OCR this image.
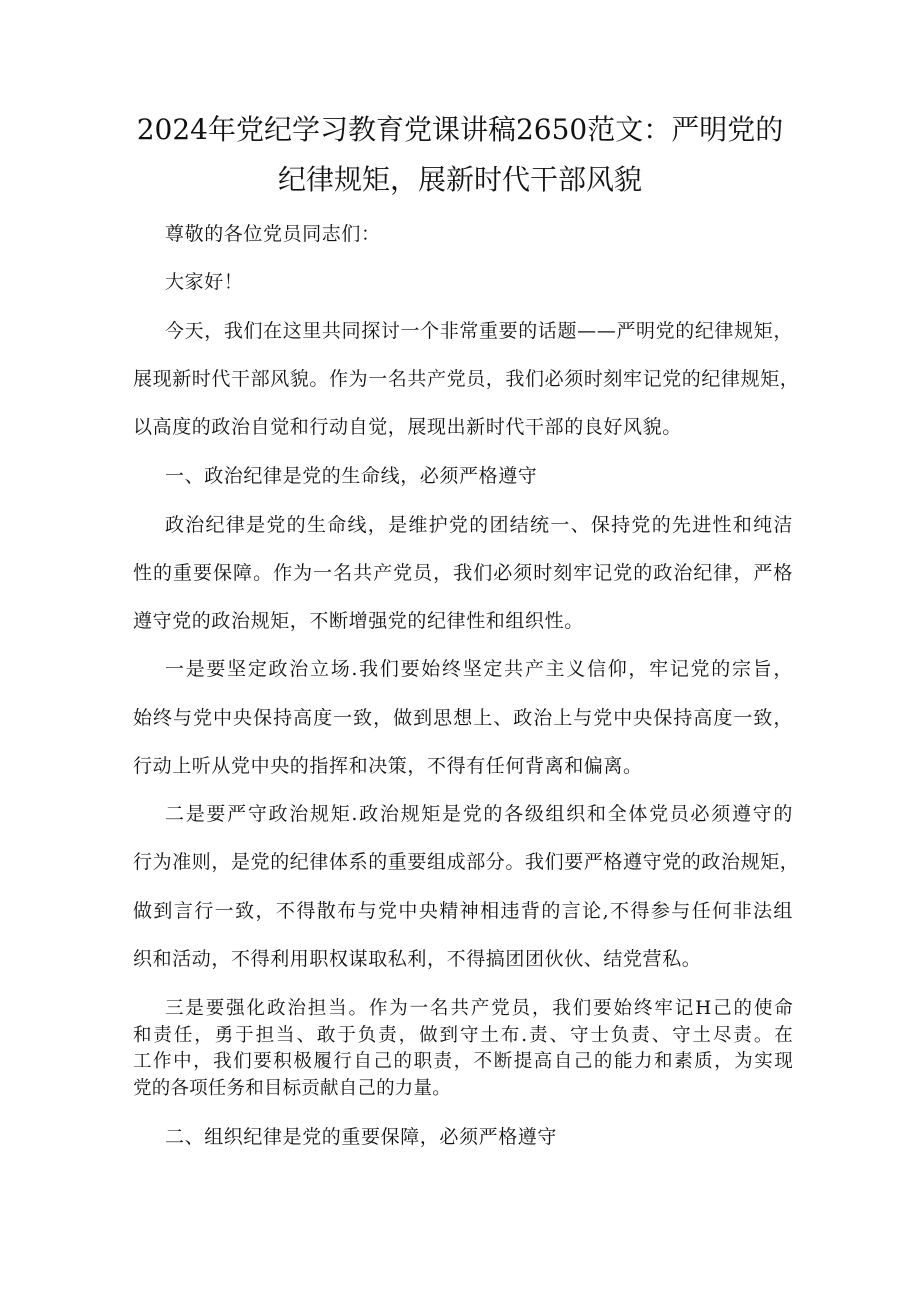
2024年党纪学习教育党课讲稿2650范文：严明党的
纪律规矩，展新时代干部风貌
尊敬的各位党员同志们：
大家好！
今天，我们在这里共同探讨一个非常重要的话题——严明党的纪律规矩，
展现新时代干部风貌。作为一名共产党员，我们必须时刻牢记党的纪律规矩，
以高度的政治自觉和行动自觉，展现出新时代干部的良好风貌。
一、政治纪律是党的生命线，必须严格遵守
政治纪律是党的生命线，是维护党的团结统一、保持党的先进性和纯洁
性的重要保障。作为一名共产党员，我们必须时刻牢记党的政治纪律，严格
遵守党的政治规矩，不断增强党的纪律性和组织性。
一是要坚定政治立场.我们要始终坚定共产主义信仰，牢记党的宗旨，
始终与党中央保持高度一致，做到思想上、政治上与党中央保持高度一致，
行动上听从党中央的指挥和决策，不得有任何背离和偏离。
二是要严守政治规矩.政治规矩是党的各级组织和全体党员必须遵守的
行为准则，是党的纪律体系的重要组成部分。我们要严格遵守党的政治规矩，
做到言行一致，不得散布与党中央精神相违背的言论,不得参与任何非法组
织和活动，不得利用职权谋取私利，不得搞团团伙伙、结党营私。
三是要强化政治担当。作为一名共产党员，我们要始终牢记H己的使命
和责任，勇于担当、敢于负责，做到守土布.责、守士负责、守土尽责。在
工作中，我们要积极履行自己的职责，不断提高自己的能力和素质，为实现
党的各项任务和目标贡献自己的力量。
二、组织纪律是党的重要保障，必须严格遵守
